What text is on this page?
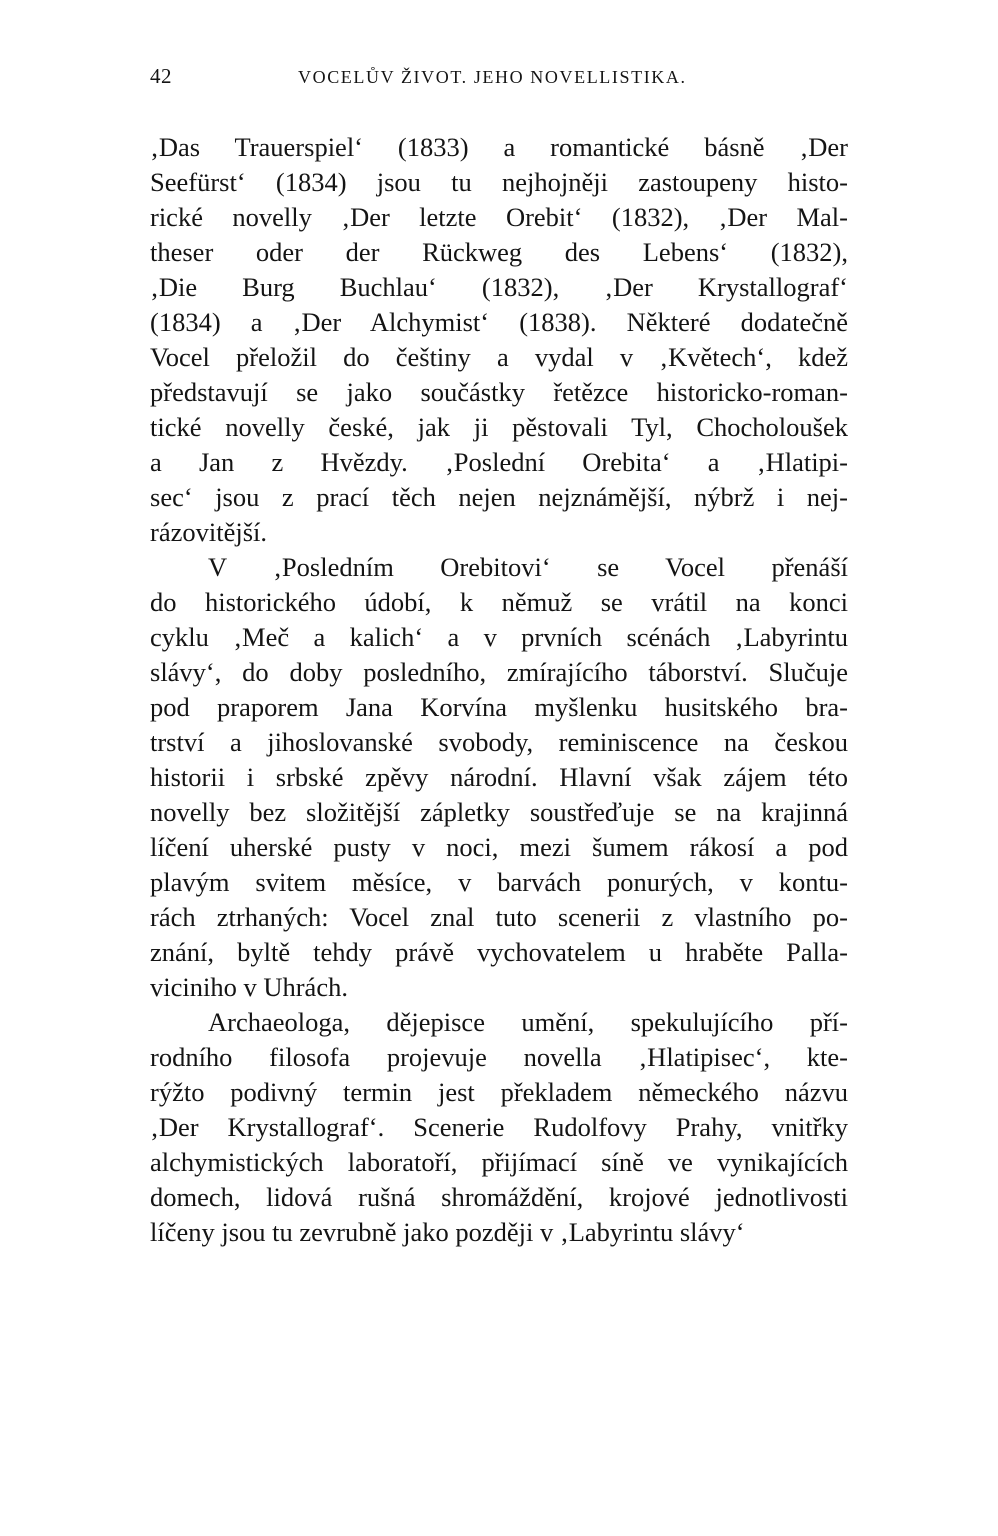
42	VOCELŮV ŽIVOT. JEHO NOVELLISTIKA.
‚Das Trauerspiel‘ (1833) a romantické básně ‚Der
Seefürst‘ (1834) jsou tu nejhojněji zastoupeny histo-
rické novelly ‚Der letzte Orebit‘ (1832), ‚Der Mal-
theser oder der Rückweg des Lebens‘ (1832),
‚Die Burg Buchlau‘ (1832), ‚Der Krystallograf‘
(1834) a ‚Der Alchymist‘ (1838). Některé dodatečně
Vocel přeložil do češtiny a vydal v ‚Květech‘, kdež
představují se jako součástky řetězce historicko-roman-
tické novelly české, jak ji pěstovali Tyl, Chocholoušek
a Jan z Hvězdy. ‚Poslední Orebita‘ a ‚Hlatipi-
sec‘ jsou z prací těch nejen nejznámější, nýbrž i nej-
rázovitější.
V ‚Posledním Orebitovi‘ se Vocel přenáší
do historického údobí, k němuž se vrátil na konci
cyklu ‚Meč a kalich‘ a v prvních scénách ‚Labyrintu
slávy‘, do doby posledního, zmírajícího táborství. Slučuje
pod praporem Jana Korvína myšlenku husitského bra-
trství a jihoslovanské svobody, reminiscence na českou
historii i srbské zpěvy národní. Hlavní však zájem této
novelly bez složitější zápletky soustřeďuje se na krajinná
líčení uherské pusty v noci, mezi šumem rákosí a pod
plavým svitem měsíce, v barvách ponurých, v kontu-
rách ztrhaných: Vocel znal tuto scenerii z vlastního po-
znání, byltě tehdy právě vychovatelem u hraběte Palla-
viciniho v Uhrách.
Archaeologa, dějepisce umění, spekulujícího pří-
rodního filosofa projevuje novella ‚Hlatipisec‘, kte-
rýžto podivný termin jest překladem německého názvu
‚Der Krystallograf‘. Scenerie Rudolfovy Prahy, vnitřky
alchymistických laboratoří, přijímací síně ve vynikajících
domech, lidová rušná shromáždění, krojové jednotlivosti
líčeny jsou tu zevrubně jako později v ‚Labyrintu slávy‘
